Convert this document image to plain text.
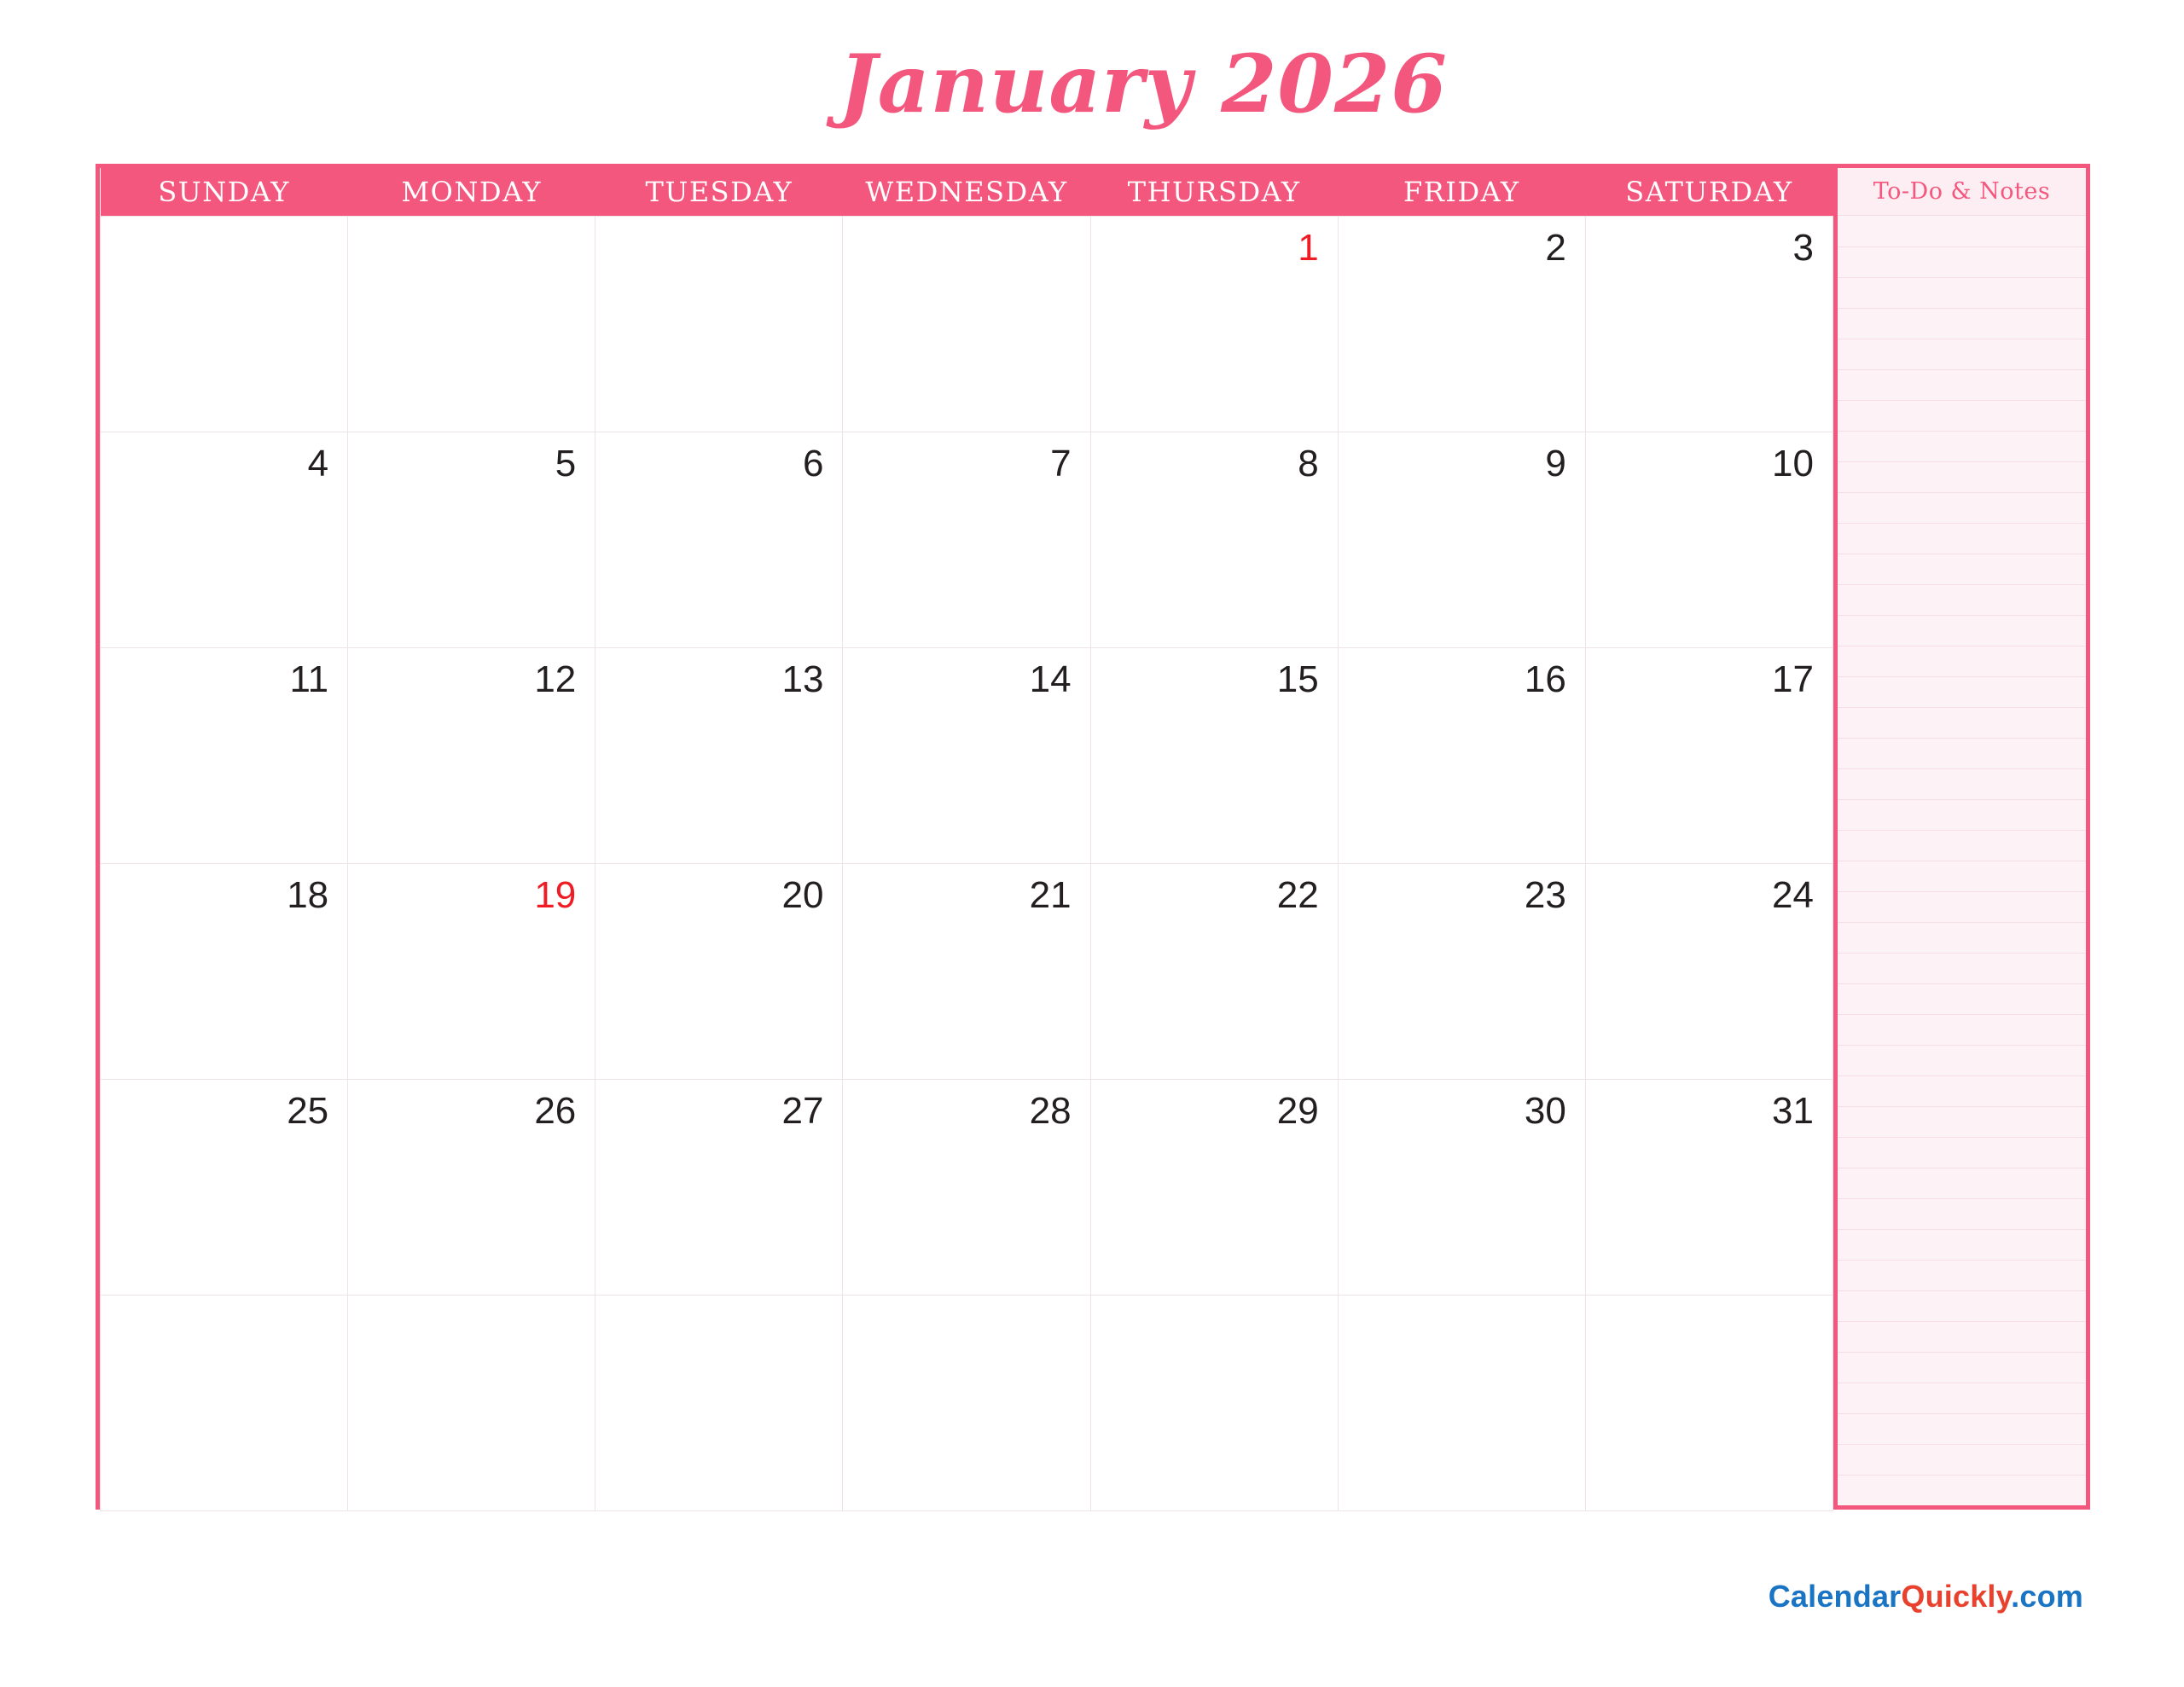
January 2026
SUNDAY	MONDAY	TUESDAY	WEDNESDAY	THURSDAY	FRIDAY	SATURDAY

				1	2	3

4	5	6	7	8	9	10

11	12	13	14	15	16	17

18	19	20	21	22	23	24

25	26	27	28	29	30	31

To-Do & Notes
CalendarQuickly.com
